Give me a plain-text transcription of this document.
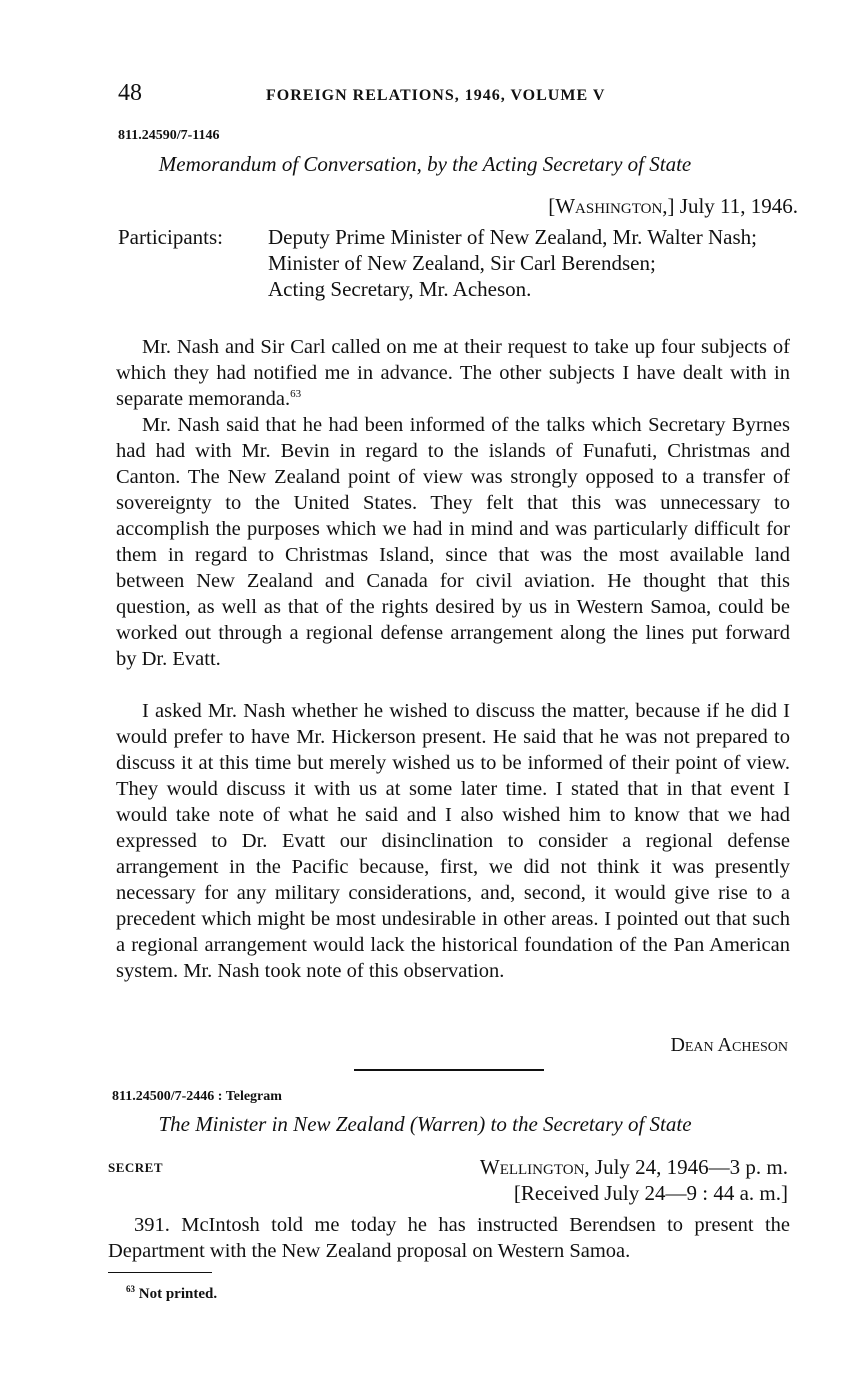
48	FOREIGN RELATIONS, 1946, VOLUME V
811.24590/7-1146
Memorandum of Conversation, by the Acting Secretary of State
[Washington,] July 11, 1946.
Participants: Deputy Prime Minister of New Zealand, Mr. Walter Nash;
Minister of New Zealand, Sir Carl Berendsen;
Acting Secretary, Mr. Acheson.

Mr. Nash and Sir Carl called on me at their request to take up four subjects of which they had notified me in advance. The other subjects I have dealt with in separate memoranda.$^{63}$

Mr. Nash said that he had been informed of the talks which Secretary Byrnes had had with Mr. Bevin in regard to the islands of Funafuti, Christmas and Canton. The New Zealand point of view was strongly opposed to a transfer of sovereignty to the United States. They felt that this was unnecessary to accomplish the purposes which we had in mind and was particularly difficult for them in regard to Christmas Island, since that was the most available land between New Zealand and Canada for civil aviation. He thought that this question, as well as that of the rights desired by us in Western Samoa, could be worked out through a regional defense arrangement along the lines put forward by Dr. Evatt.

I asked Mr. Nash whether he wished to discuss the matter, because if he did I would prefer to have Mr. Hickerson present. He said that he was not prepared to discuss it at this time but merely wished us to be informed of their point of view. They would discuss it with us at some later time. I stated that in that event I would take note of what he said and I also wished him to know that we had expressed to Dr. Evatt our disinclination to consider a regional defense arrangement in the Pacific because, first, we did not think it was presently necessary for any military considerations, and, second, it would give rise to a precedent which might be most undesirable in other areas. I pointed out that such a regional arrangement would lack the historical foundation of the Pan American system. Mr. Nash took note of this observation.

Dean Acheson
811.24500/7-2446 : Telegram
The Minister in New Zealand (Warren) to the Secretary of State
SECRET	Wellington, July 24, 1946—3 p. m.
[Received July 24—9 : 44 a. m.]

391. McIntosh told me today he has instructed Berendsen to present the Department with the New Zealand proposal on Western Samoa.

$^{63}$ Not printed.
